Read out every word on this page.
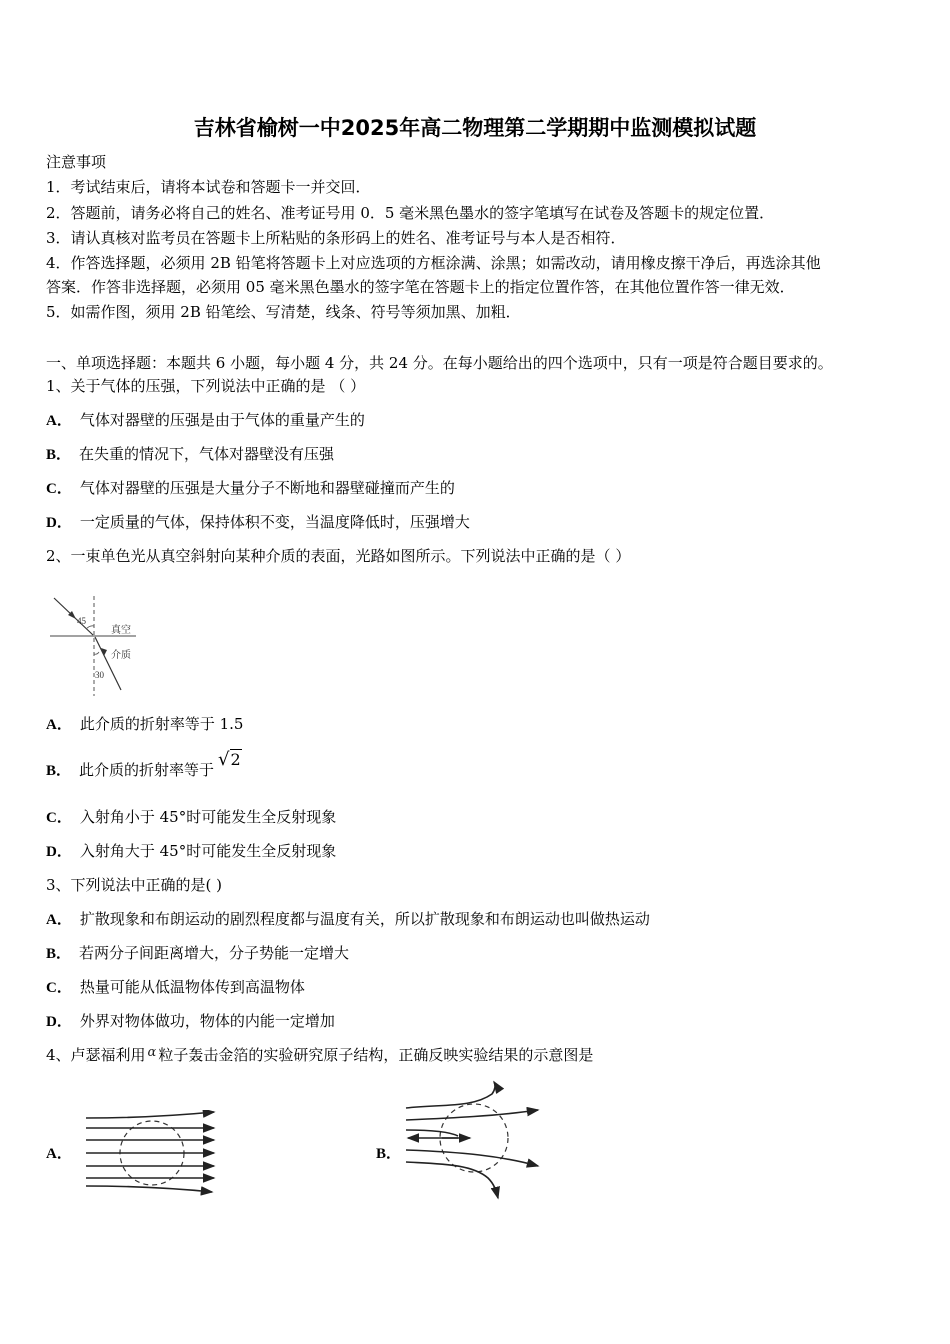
吉林省榆树一中2025年高二物理第二学期期中监测模拟试题
注意事项
1．考试结束后，请将本试卷和答题卡一并交回．
2．答题前，请务必将自己的姓名、准考证号用 0．5 毫米黑色墨水的签字笔填写在试卷及答题卡的规定位置．
3．请认真核对监考员在答题卡上所粘贴的条形码上的姓名、准考证号与本人是否相符．
4．作答选择题，必须用 2B 铅笔将答题卡上对应选项的方框涂满、涂黑；如需改动，请用橡皮擦干净后，再选涂其他
答案．作答非选择题，必须用 05 毫米黑色墨水的签字笔在答题卡上的指定位置作答，在其他位置作答一律无效．
5．如需作图，须用 2B 铅笔绘、写清楚，线条、符号等须加黑、加粗．
一、单项选择题：本题共 6 小题，每小题 4 分，共 24 分。在每小题给出的四个选项中，只有一项是符合题目要求的。
1、关于气体的压强，下列说法中正确的是 （ ）
A． 气体对器壁的压强是由于气体的重量产生的
B． 在失重的情况下，气体对器壁没有压强
C． 气体对器壁的压强是大量分子不断地和器壁碰撞而产生的
D． 一定质量的气体，保持体积不变，当温度降低时，压强增大
2、一束单色光从真空斜射向某种介质的表面，光路如图所示。下列说法中正确的是（ ）
45
30
真空
介质
A． 此介质的折射率等于 1.5
B． 此介质的折射率等于 √2
C． 入射角小于 45°时可能发生全反射现象
D． 入射角大于 45°时可能发生全反射现象
3、下列说法中正确的是( )
A． 扩散现象和布朗运动的剧烈程度都与温度有关，所以扩散现象和布朗运动也叫做热运动
B． 若两分子间距离增大，分子势能一定增大
C． 热量可能从低温物体传到高温物体
D． 外界对物体做功，物体的内能一定增加
4、卢瑟福利用 α 粒子轰击金箔的实验研究原子结构，正确反映实验结果的示意图是
A．	B．
